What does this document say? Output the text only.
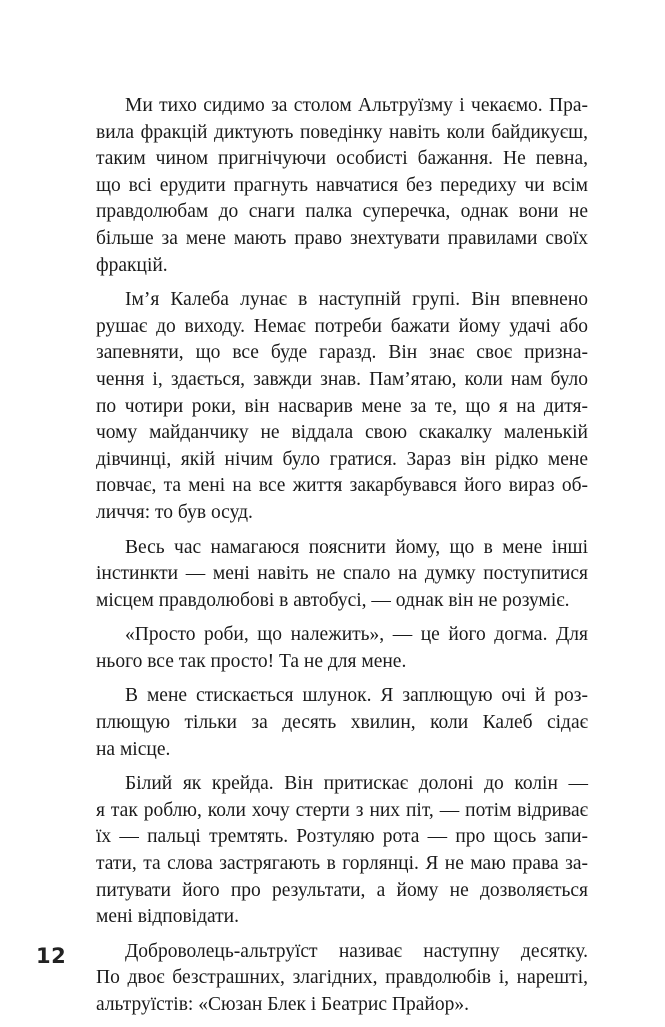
Ми тихо сидимо за столом Альтруїзму і чекаємо. Пра-
вила фракцій диктують поведінку навіть коли байдикуєш,
таким чином пригнічуючи особисті бажання. Не певна,
що всі ерудити прагнуть навчатися без передиху чи всім
правдолюбам до снаги палка суперечка, однак вони не
більше за мене мають право знехтувати правилами своїх
фракцій.

Ім’я Калеба лунає в наступній групі. Він впевнено
рушає до виходу. Немає потреби бажати йому удачі або
запевняти, що все буде гаразд. Він знає своє призна-
чення і, здається, завжди знав. Пам’ятаю, коли нам було
по чотири роки, він насварив мене за те, що я на дитя-
чому майданчику не віддала свою скакалку маленькій
дівчинці, якій нічим було гратися. Зараз він рідко мене
повчає, та мені на все життя закарбувався його вираз об-
личчя: то був осуд.

Весь час намагаюся пояснити йому, що в мене інші
інстинкти — мені навіть не спало на думку поступитися
місцем правдолюбові в автобусі, — однак він не розуміє.

«Просто роби, що належить», — це його догма. Для
нього все так просто! Та не для мене.

В мене стискається шлунок. Я заплющую очі й роз-
плющую тільки за десять хвилин, коли Калеб сідає
на місце.

Білий як крейда. Він притискає долоні до колін —
я так роблю, коли хочу стерти з них піт, — потім відриває
їх — пальці тремтять. Розтуляю рота — про щось запи-
тати, та слова застрягають в горлянці. Я не маю права за-
питувати його про результати, а йому не дозволяється
мені відповідати.

Доброволець-альтруїст називає наступну десятку.
По двоє безстрашних, злагідних, правдолюбів і, нарешті,
альтруїстів: «Сюзан Блек і Беатрис Прайор».

12
